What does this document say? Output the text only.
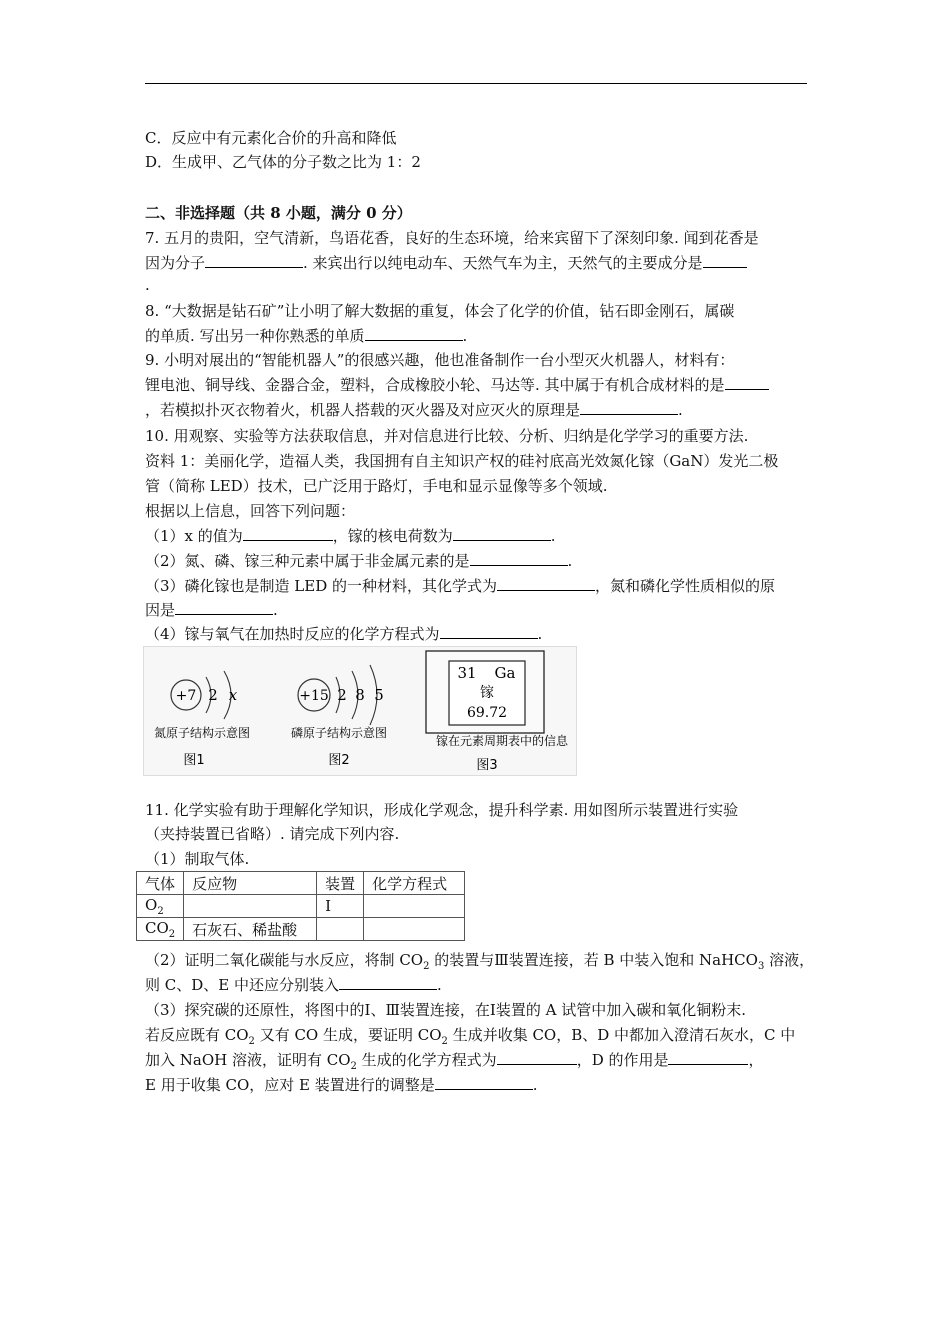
C．反应中有元素化合价的升高和降低
D．生成甲、乙气体的分子数之比为 1：2
二、非选择题（共 8 小题，满分 0 分）
7. 五月的贵阳，空气清新，鸟语花香，良好的生态环境，给来宾留下了深刻印象. 闻到花香是
因为分子	. 来宾出行以纯电动车、天然气车为主，天然气的主要成分是
.
8. “大数据是钻石矿”让小明了解大数据的重复，体会了化学的价值，钻石即金刚石，属碳
的单质. 写出另一种你熟悉的单质	.
9. 小明对展出的“智能机器人”的很感兴趣，他也准备制作一台小型灭火机器人，材料有：
锂电池、铜导线、金器合金，塑料，合成橡胶小轮、马达等. 其中属于有机合成材料的是
，若模拟扑灭衣物着火，机器人搭载的灭火器及对应灭火的原理是	.
10. 用观察、实验等方法获取信息，并对信息进行比较、分析、归纳是化学学习的重要方法.
资料 1：美丽化学，造福人类，我国拥有自主知识产权的硅衬底高光效氮化镓（GaN）发光二极
管（简称 LED）技术，已广泛用于路灯，手电和显示显像等多个领域.
根据以上信息，回答下列问题：
（1）x 的值为	，镓的核电荷数为	.
（2）氮、磷、镓三种元素中属于非金属元素的是	.
（3）磷化镓也是制造 LED 的一种材料，其化学式为	，氮和磷化学性质相似的原
因是	.
（4）镓与氧气在加热时反应的化学方程式为	.
+7 2 x
氮原子结构示意图
图1
+15 2 8 5
磷原子结构示意图
图2
31 Ga
镓
69.72
镓在元素周期表中的信息
图3
11. 化学实验有助于理解化学知识，形成化学观念，提升科学素. 用如图所示装置进行实验
（夹持装置已省略）. 请完成下列内容.
（1）制取气体.
气体	反应物	装置	化学方程式
$O_2$		Ⅰ	
$CO_2$	石灰石、稀盐酸		
（2）证明二氧化碳能与水反应，将制 $CO_2$ 的装置与Ⅲ装置连接，若 B 中装入饱和 NaHCO$_3$ 溶液，
则 C、D、E 中还应分别装入	.
（3）探究碳的还原性，将图中的Ⅰ、Ⅲ装置连接，在Ⅰ装置的 A 试管中加入碳和氧化铜粉末.
若反应既有 $CO_2$ 又有 CO 生成，要证明 $CO_2$ 生成并收集 CO，B、D 中都加入澄清石灰水，C 中
加入 NaOH 溶液，证明有 $CO_2$ 生成的化学方程式为	，D 的作用是	，
E 用于收集 CO，应对 E 装置进行的调整是	.
